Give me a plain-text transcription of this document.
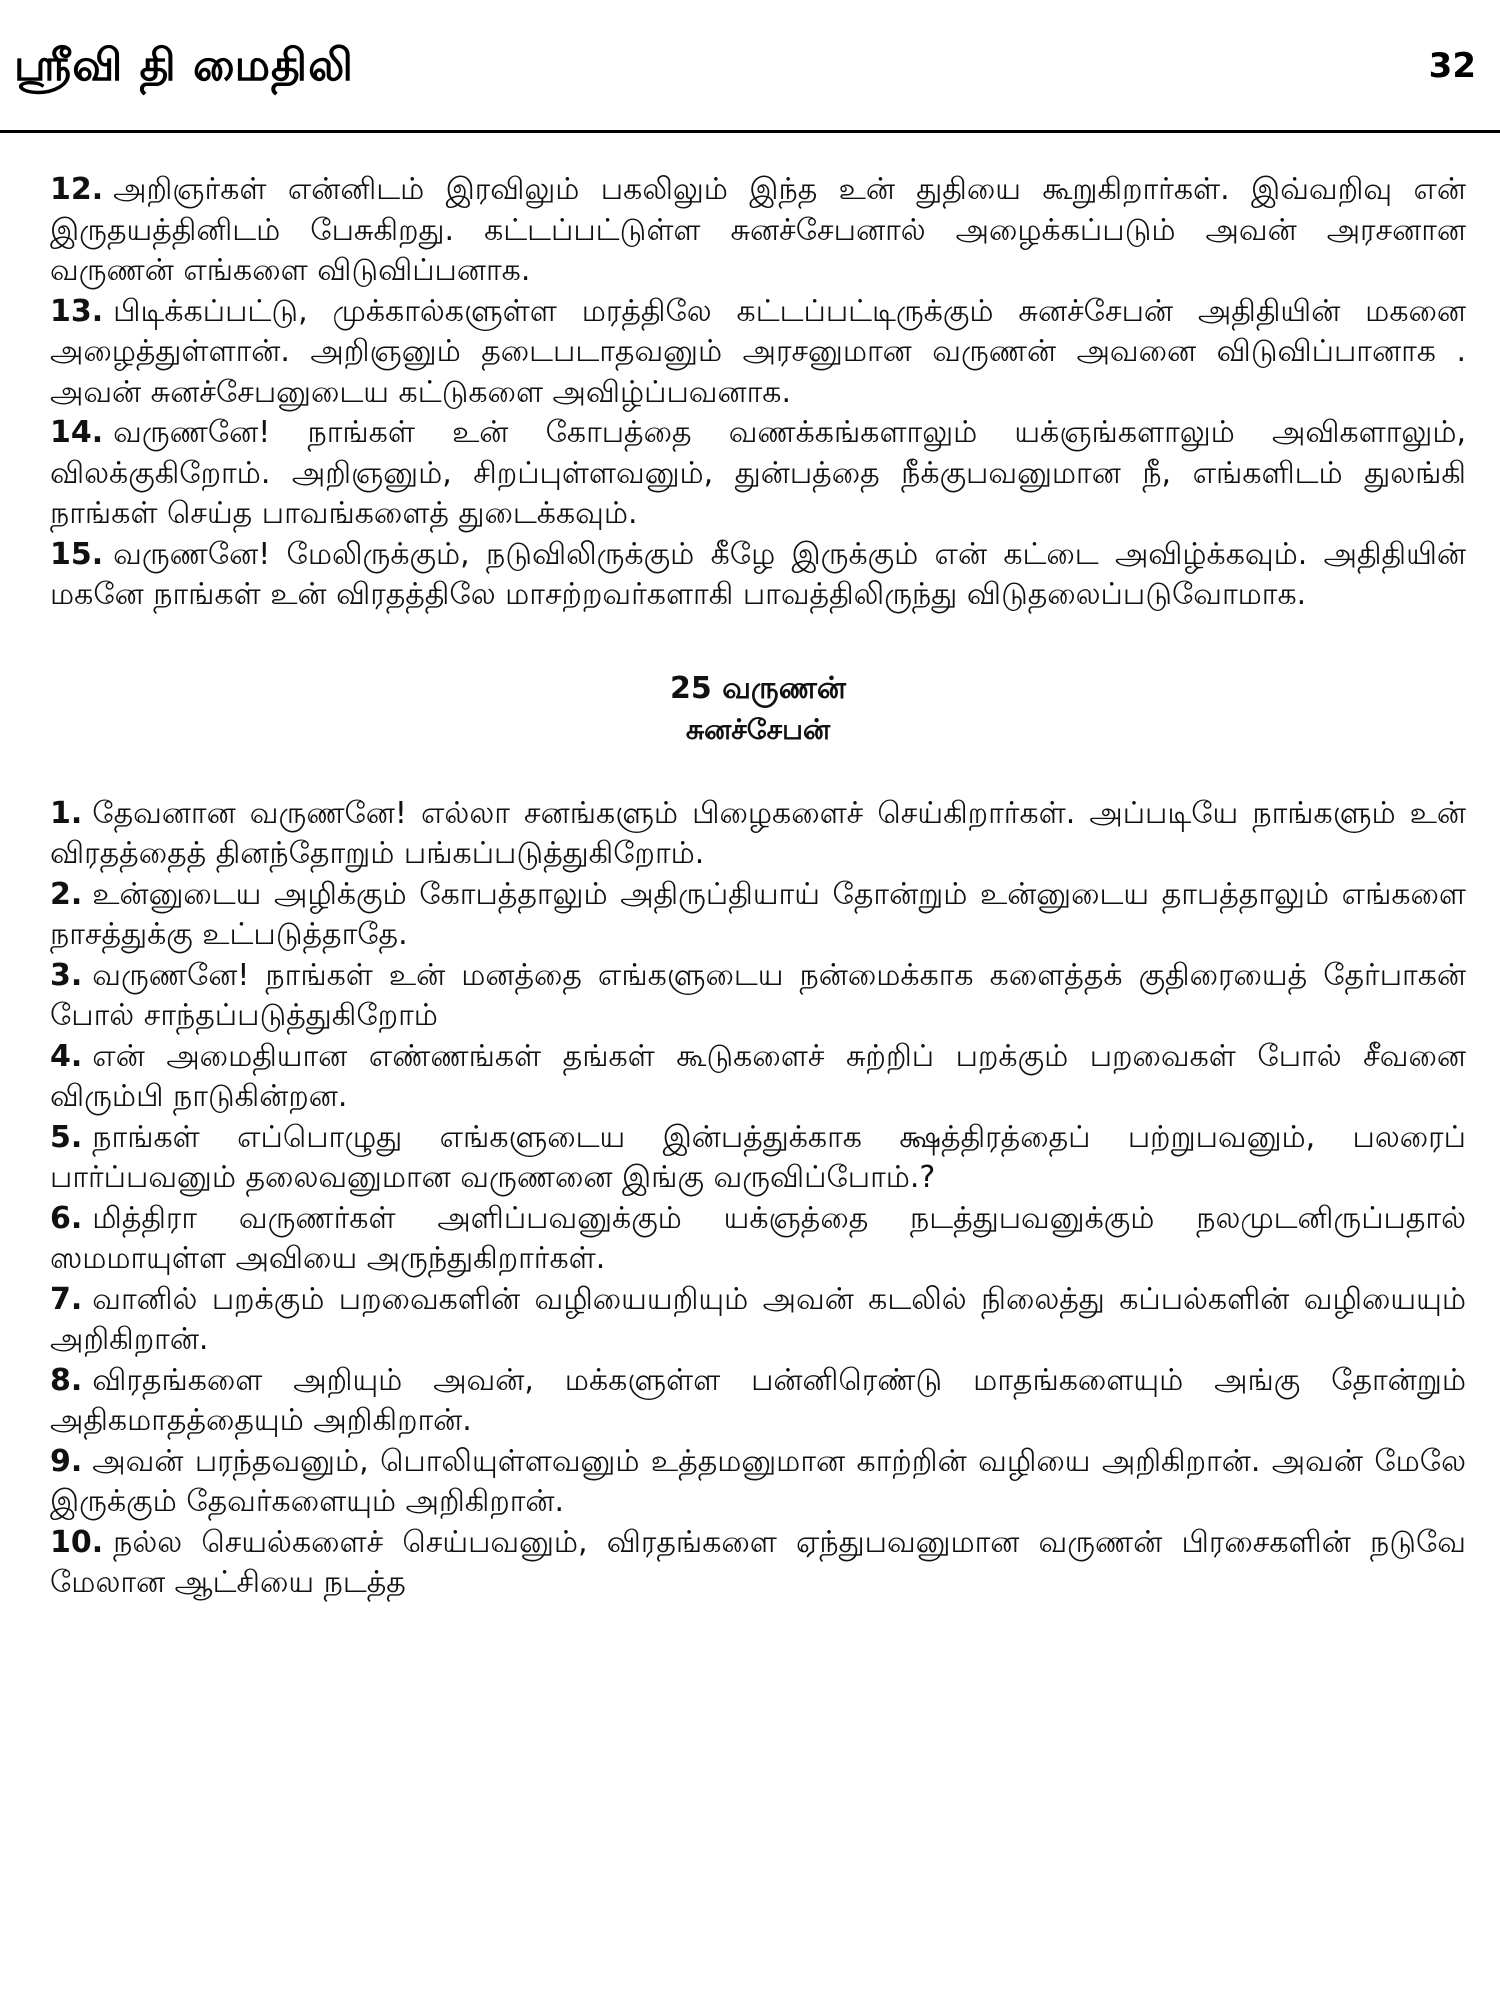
ஸ்ரீவி தி மைதிலி	32

12. அறிஞர்கள் என்னிடம் இரவிலும் பகலிலும் இந்த உன் துதியை கூறுகிறார்கள். இவ்வறிவு என் இருதயத்தினிடம் பேசுகிறது. கட்டப்பட்டுள்ள சுனச்சேபனால் அழைக்கப்படும் அவன் அரசனான வருணன் எங்களை விடுவிப்பனாக.

13. பிடிக்கப்பட்டு, முக்கால்களுள்ள மரத்திலே கட்டப்பட்டிருக்கும் சுனச்சேபன் அதிதியின் மகனை அழைத்துள்ளான். அறிஞனும் தடைபடாதவனும் அரசனுமான வருணன் அவனை விடுவிப்பானாக . அவன் சுனச்சேபனுடைய கட்டுகளை அவிழ்ப்பவனாக.

14. வருணனே! நாங்கள் உன் கோபத்தை வணக்கங்களாலும் யக்ஞங்களாலும் அவிகளாலும், விலக்குகிறோம். அறிஞனும், சிறப்புள்ளவனும், துன்பத்தை நீக்குபவனுமான நீ, எங்களிடம் துலங்கி நாங்கள் செய்த பாவங்களைத் துடைக்கவும்.

15. வருணனே! மேலிருக்கும், நடுவிலிருக்கும் கீழே இருக்கும் என் கட்டை அவிழ்க்கவும். அதிதியின் மகனே நாங்கள் உன் விரதத்திலே மாசற்றவர்களாகி பாவத்திலிருந்து விடுதலைப்படுவோமாக.

25 வருணன்
சுனச்சேபன்

1. தேவனான வருணனே! எல்லா சனங்களும் பிழைகளைச் செய்கிறார்கள். அப்படியே நாங்களும் உன் விரதத்தைத் தினந்தோறும் பங்கப்படுத்துகிறோம்.

2. உன்னுடைய அழிக்கும் கோபத்தாலும் அதிருப்தியாய் தோன்றும் உன்னுடைய தாபத்தாலும் எங்களை நாசத்துக்கு உட்படுத்தாதே.

3. வருணனே! நாங்கள் உன் மனத்தை எங்களுடைய நன்மைக்காக களைத்தக் குதிரையைத் தேர்பாகன் போல் சாந்தப்படுத்துகிறோம்

4. என் அமைதியான எண்ணங்கள் தங்கள் கூடுகளைச் சுற்றிப் பறக்கும் பறவைகள் போல் சீவனை விரும்பி நாடுகின்றன.

5. நாங்கள் எப்பொழுது எங்களுடைய இன்பத்துக்காக க்ஷத்திரத்தைப் பற்றுபவனும், பலரைப் பார்ப்பவனும் தலைவனுமான வருணனை இங்கு வருவிப்போம்.?

6. மித்திரா வருணர்கள் அளிப்பவனுக்கும் யக்ஞத்தை நடத்துபவனுக்கும் நலமுடனிருப்பதால் ஸமமாயுள்ள அவியை அருந்துகிறார்கள்.

7. வானில் பறக்கும் பறவைகளின் வழியையறியும் அவன் கடலில் நிலைத்து கப்பல்களின் வழியையும் அறிகிறான்.

8. விரதங்களை அறியும் அவன், மக்களுள்ள பன்னிரெண்டு மாதங்களையும் அங்கு தோன்றும் அதிகமாதத்தையும் அறிகிறான்.

9. அவன் பரந்தவனும், பொலியுள்ளவனும் உத்தமனுமான காற்றின் வழியை அறிகிறான். அவன் மேலே இருக்கும் தேவர்களையும் அறிகிறான்.

10. நல்ல செயல்களைச் செய்பவனும், விரதங்களை ஏந்துபவனுமான வருணன் பிரசைகளின் நடுவே மேலான ஆட்சியை நடத்த
